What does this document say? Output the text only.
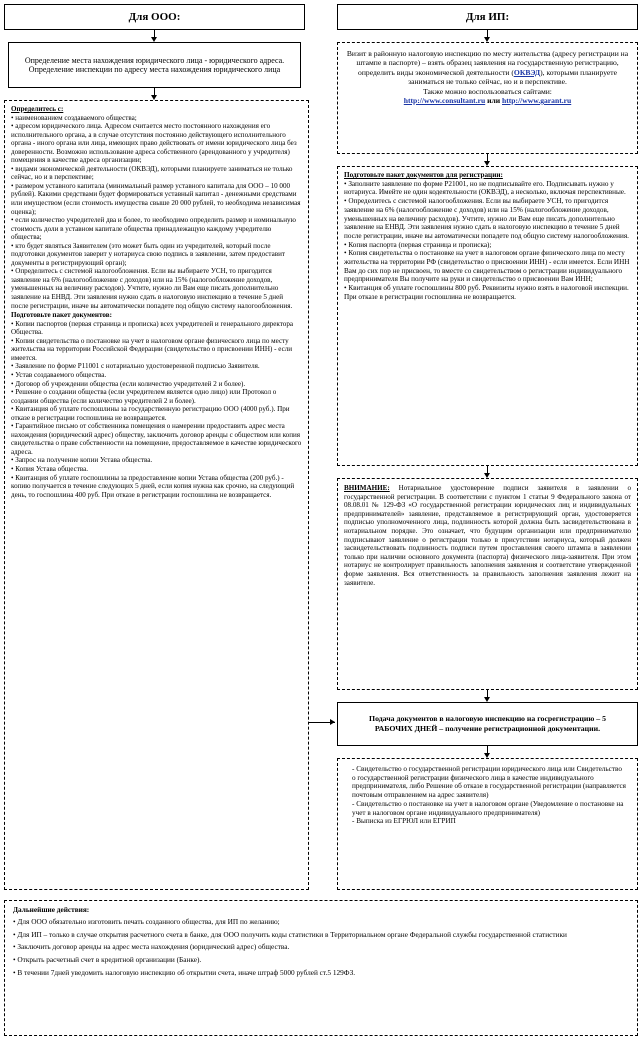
Для ООО:	Для ИП:
Определение места нахождения юридического лица - юридического адреса. Определение инспекции по адресу места нахождения юридического лица
Визит в районную налоговую инспекцию по месту жительства (адресу регистрации на штампе в паспорте) – взять образец заявления на государственную регистрацию, определить виды экономической деятельности (ОКВЭД), которыми планируете заниматься не только сейчас, но и в перспективе.
Также можно воспользоваться сайтами:
http://www.consultant.ru или http://www.garant.ru
Определитесь с:
• наименованием создаваемого общества;
• адресом юридического лица. Адресом считается место постоянного нахождения его исполнительного органа, а в случае отсутствия постоянно действующего исполнительного органа - иного органа или лица, имеющих право действовать от имени юридического лица без доверенности. Возможно использование адреса собственного (арендованного у учредителя) помещения в качестве адреса организации;
• видами экономической деятельности (ОКВЭД), которыми планируете заниматься не только сейчас, но и в перспективе;
• размером уставного капитала (минимальный размер уставного капитала для ООО – 10 000 рублей). Какими средствами будет формироваться уставный капитал - денежными средствами или имуществом (если стоимость имущества свыше 20 000 рублей, то необходима независимая оценка);
• если количество учредителей два и более, то необходимо определить размер и номинальную стоимость доли в уставном капитале общества принадлежащую каждому учредителю общества;
• кто будет являться Заявителем (это может быть один из учредителей, который после подготовки документов заверит у нотариуса свою подпись в заявлении, затем предоставит документы в регистрирующий орган);
• Определитесь с системой налогообложения. Если вы выбираете УСН, то пригодится заявление на 6% (налогообложение с доходов) или на 15% (налогообложение доходов, уменьшенных на величину расходов). Учтите, нужно ли Вам еще писать дополнительно заявление на ЕНВД. Эти заявления нужно сдать в налоговую инспекцию в течение 5 дней после регистрации, иначе вы автоматически попадете под общую систему налогообложения.
Подготовьте пакет документов:
• Копии паспортов (первая страница и прописка) всех учредителей и генерального директора Общества.
• Копии свидетельства о постановке на учет в налоговом органе физического лица по месту жительства на территории Российской Федерации (свидетельство о присвоении ИНН) - если имеется.
• Заявление по форме Р11001 с нотариально удостоверенной подписью Заявителя.
• Устав создаваемого общества.
• Договор об учреждении общества (если количество учредителей 2 и более).
• Решение о создании общества (если учредителем является одно лицо) или Протокол о создании общества (если количество учредителей 2 и более).
• Квитанция об уплате госпошлины за государственную регистрацию ООО (4000 руб.). При отказе в регистрации госпошлина не возвращается.
• Гарантийное письмо от собственника помещения о намерении предоставить адрес места нахождения (юридический адрес) обществу, заключить договор аренды с обществом или копия свидетельства о праве собственности на помещение, предоставляемое в качестве юридического адреса.
• Запрос на получение копии Устава общества.
• Копия Устава общества.
• Квитанция об уплате госпошлины за предоставление копии Устава общества (200 руб.) - копию получается в течение следующих 5 дней, если копия нужна как срочно, на следующий день, то госпошлина 400 руб. При отказе в регистрации госпошлина не возвращается.
Подготовьте пакет документов для регистрации:
• Заполните заявление по форме Р21001, но не подписывайте его. Подписывать нужно у нотариуса. Имейте не один кодеятельности (ОКВЭД), а несколько, включая перспективные.
• Определитесь с системой налогообложения. Если вы выбираете УСН, то пригодится заявление на 6% (налогообложение с доходов) или на 15% (налогообложение доходов, уменьшенных на величину расходов). Учтите, нужно ли Вам еще писать дополнительно заявление на ЕНВД. Эти заявления нужно сдать в налоговую инспекцию в течение 5 дней после регистрации, иначе вы автоматически попадете под общую систему налогообложения.
• Копия паспорта (первая страница и прописка);
• Копия свидетельства о постановке на учет в налоговом органе физического лица по месту жительства на территории РФ (свидетельство о присвоении ИНН) - если имеется. Если ИНН Вам до сих пор не присвоен, то вместе со свидетельством о регистрации индивидуального предпринимателя Вы получите на руки и свидетельство о присвоении Вам ИНН;
• Квитанция об уплате госпошлины 800 руб. Реквизиты нужно взять в налоговой инспекции. При отказе в регистрации госпошлина не возвращается.
ВНИМАНИЕ: Нотариальное удостоверение подписи заявителя в заявлении о государственной регистрации. В соответствии с пунктом 1 статьи 9 Федерального закона от 08.08.01 № 129-ФЗ «О государственной регистрации юридических лиц и индивидуальных предпринимателей» заявление, представляемое в регистрирующий орган, удостоверяется подписью уполномоченного лица, подлинность которой должна быть засвидетельствована в нотариальном порядке. Это означает, что будущим организации или предпринимателю подписывают заявление о регистрации только в присутствии нотариуса, который должен засвидетельствовать подлинность подписи путем проставления своего штампа в заявлении только при наличии основного документа (паспорта) физического лица-заявителя. При этом нотариус не контролирует правильность заполнения заявления и соответствие утвержденной форме заявления. Вся ответственность за правильность заполнения заявления лежит на заявителе.
Подача документов в налоговую инспекцию на госрегистрацию – 5 РАБОЧИХ ДНЕЙ – получение регистрационной документации.
- Свидетельство о государственной регистрации юридического лица или Свидетельство о государственной регистрации физического лица в качестве индивидуального предпринимателя, либо Решение об отказе в государственной регистрации (направляется почтовым отправлением на адрес заявителя)
- Свидетельство о постановке на учет в налоговом органе (Уведомление о постановке на учет в налоговом органе индивидуального предпринимателя)
- Выписка из ЕГРЮЛ или ЕГРИП
Дальнейшие действия:
• Для ООО обязательно изготовить печать созданного общества, для ИП по желанию;
• Для ИП – только в случае открытия расчетного счета в банке, для ООО получить коды статистики в Территориальном органе Федеральной службы государственной статистики
• Заключить договор аренды на адрес места нахождения (юридический адрес) общества.
• Открыть расчетный счет в кредитной организации (Банке).
• В течении 7дней уведомить налоговую инспекцию об открытии счета, иначе штраф 5000 рублей ст.5 129ФЗ.
